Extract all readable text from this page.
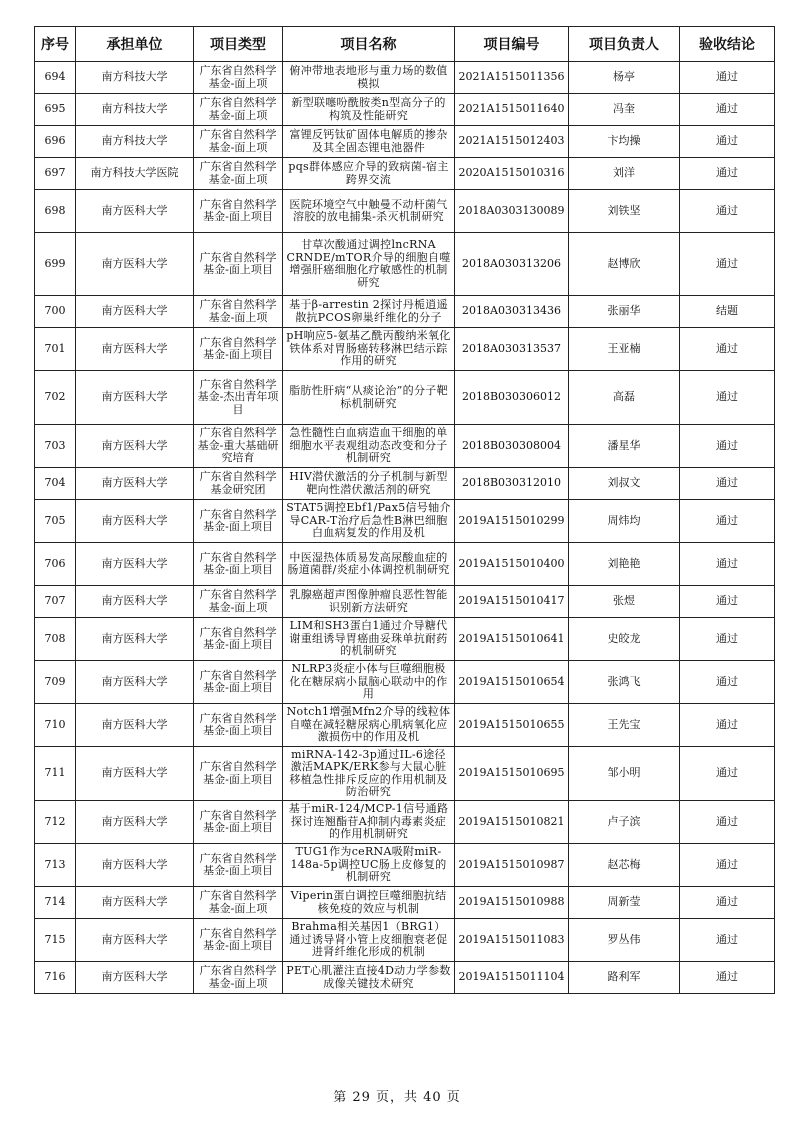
序号	承担单位	项目类型	项目名称	项目编号	项目负责人	验收结论
694	南方科技大学	广东省自然科学基金-面上项	俯冲带地表地形与重力场的数值模拟	2021A1515011356	杨亭	通过
695	南方科技大学	广东省自然科学基金-面上项	新型联噻吩酰胺类n型高分子的构筑及性能研究	2021A1515011640	冯奎	通过
696	南方科技大学	广东省自然科学基金-面上项	富锂反钙钛矿固体电解质的掺杂及其全固态锂电池器件	2021A1515012403	卞均操	通过
697	南方科技大学医院	广东省自然科学基金-面上项	pqs群体感应介导的致病菌-宿主跨界交流	2020A1515010316	刘洋	通过
698	南方医科大学	广东省自然科学基金-面上项目	医院环境空气中触曼不动杆菌气溶胶的放电捕集-杀灭机制研究	2018A0303130089	刘铁坚	通过
699	南方医科大学	广东省自然科学基金-面上项目	甘草次酸通过调控lncRNA CRNDE/mTOR介导的细胞自噬增强肝癌细胞化疗敏感性的机制研究	2018A030313206	赵博欣	通过
700	南方医科大学	广东省自然科学基金-面上项	基于β-arrestin 2探讨丹栀逍遥散抗PCOS卵巢纤维化的分子	2018A030313436	张丽华	结题
701	南方医科大学	广东省自然科学基金-面上项目	pH响应5-氨基乙酰丙酸纳米氧化铁体系对胃肠癌转移淋巴结示踪作用的研究	2018A030313537	王亚楠	通过
702	南方医科大学	广东省自然科学基金-杰出青年项目	脂肪性肝病“从痰论治”的分子靶标机制研究	2018B030306012	高磊	通过
703	南方医科大学	广东省自然科学基金-重大基础研究培育	急性髓性白血病造血干细胞的单细胞水平表观组动态改变和分子机制研究	2018B030308004	潘星华	通过
704	南方医科大学	广东省自然科学基金研究团	HIV潜伏激活的分子机制与新型靶向性潜伏激活剂的研究	2018B030312010	刘叔文	通过
705	南方医科大学	广东省自然科学基金-面上项目	STAT5调控Ebf1/Pax5信号轴介导CAR-T治疗后急性B淋巴细胞白血病复发的作用及机	2019A1515010299	周炜均	通过
706	南方医科大学	广东省自然科学基金-面上项目	中医湿热体质易发高尿酸血症的肠道菌群/炎症小体调控机制研究	2019A1515010400	刘艳艳	通过
707	南方医科大学	广东省自然科学基金-面上项	乳腺癌超声图像肿瘤良恶性智能识别新方法研究	2019A1515010417	张煜	通过
708	南方医科大学	广东省自然科学基金-面上项目	LIM和SH3蛋白1通过介导糖代谢重组诱导胃癌曲妥珠单抗耐药的机制研究	2019A1515010641	史皎龙	通过
709	南方医科大学	广东省自然科学基金-面上项目	NLRP3炎症小体与巨噬细胞极化在糖尿病小鼠脑心联动中的作用	2019A1515010654	张鸿飞	通过
710	南方医科大学	广东省自然科学基金-面上项目	Notch1增强Mfn2介导的线粒体自噬在减轻糖尿病心肌病氧化应激损伤中的作用及机	2019A1515010655	王先宝	通过
711	南方医科大学	广东省自然科学基金-面上项目	miRNA-142-3p通过IL-6途径激活MAPK/ERK参与大鼠心脏移植急性排斥反应的作用机制及防治研究	2019A1515010695	邹小明	通过
712	南方医科大学	广东省自然科学基金-面上项目	基于miR-124/MCP-1信号通路探讨连翘酯苷A抑制内毒素炎症的作用机制研究	2019A1515010821	卢子滨	通过
713	南方医科大学	广东省自然科学基金-面上项目	TUG1作为ceRNA吸附miR-148a-5p调控UC肠上皮修复的机制研究	2019A1515010987	赵芯梅	通过
714	南方医科大学	广东省自然科学基金-面上项	Viperin蛋白调控巨噬细胞抗结核免疫的效应与机制	2019A1515010988	周新莹	通过
715	南方医科大学	广东省自然科学基金-面上项目	Brahma相关基因1（BRG1）通过诱导肾小管上皮细胞衰老促进肾纤维化形成的机制	2019A1515011083	罗丛伟	通过
716	南方医科大学	广东省自然科学基金-面上项	PET心肌灌注直接4D动力学参数成像关键技术研究	2019A1515011104	路利军	通过
第 29 页，共 40 页
